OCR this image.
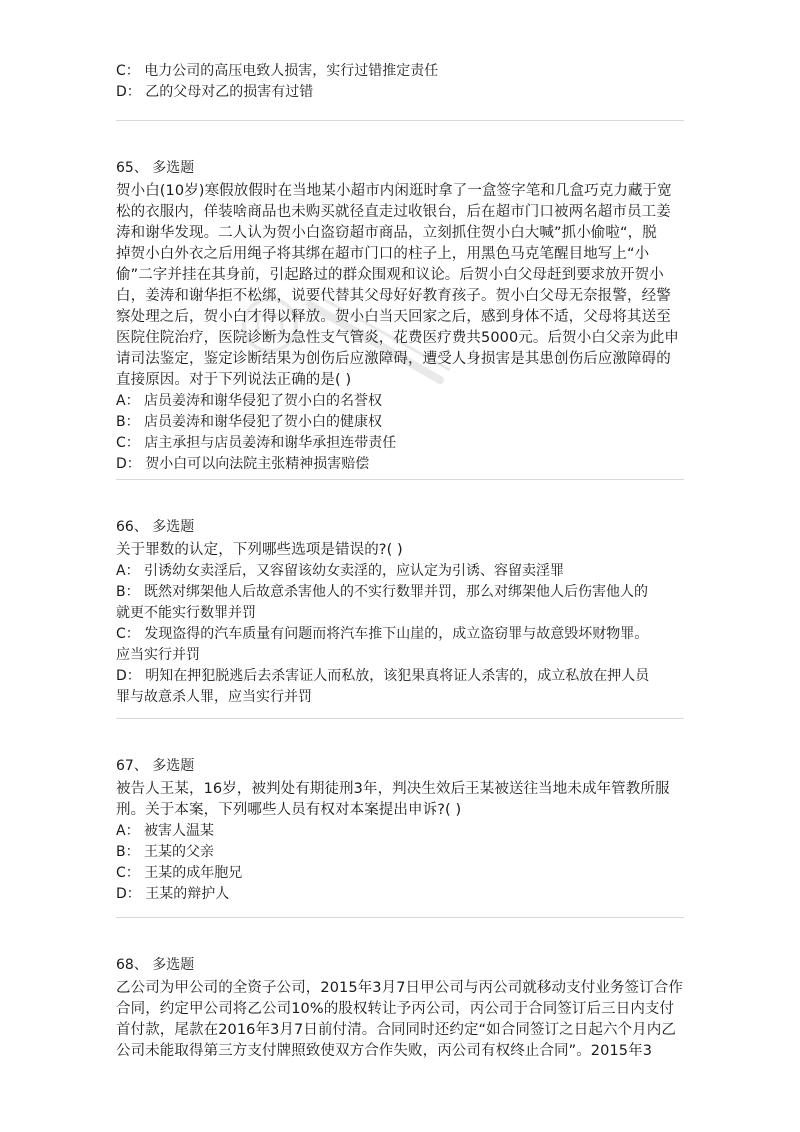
C： 电力公司的高压电致人损害，实行过错推定责任
D： 乙的父母对乙的损害有过错
65、 多选题
贺小白(10岁)寒假放假时在当地某小超市内闲逛时拿了一盒签字笔和几盒巧克力藏于宽
松的衣服内，佯装啥商品也未购买就径直走过收银台，后在超市门口被两名超市员工姜
涛和谢华发现。二人认为贺小白盗窃超市商品，立刻抓住贺小白大喊”抓小偷啦“，脱
掉贺小白外衣之后用绳子将其绑在超市门口的柱子上，用黑色马克笔醒目地写上“小
偷”二字并挂在其身前，引起路过的群众围观和议论。后贺小白父母赶到要求放开贺小
白，姜涛和谢华拒不松绑，说要代替其父母好好教育孩子。贺小白父母无奈报警，经警
察处理之后，贺小白才得以释放。贺小白当天回家之后，感到身体不适，父母将其送至
医院住院治疗，医院诊断为急性支气管炎，花费医疗费共5000元。后贺小白父亲为此申
请司法鉴定，鉴定诊断结果为创伤后应激障碍，遭受人身损害是其患创伤后应激障碍的
直接原因。对于下列说法正确的是( )
A： 店员姜涛和谢华侵犯了贺小白的名誉权
B： 店员姜涛和谢华侵犯了贺小白的健康权
C： 店主承担与店员姜涛和谢华承担连带责任
D： 贺小白可以向法院主张精神损害赔偿
66、 多选题
关于罪数的认定，下列哪些选项是错误的?( )
A： 引诱幼女卖淫后，又容留该幼女卖淫的，应认定为引诱、容留卖淫罪
B： 既然对绑架他人后故意杀害他人的不实行数罪并罚，那么对绑架他人后伤害他人的
就更不能实行数罪并罚
C： 发现盗得的汽车质量有问题而将汽车推下山崖的，成立盗窃罪与故意毁坏财物罪。
应当实行并罚
D： 明知在押犯脱逃后去杀害证人而私放，该犯果真将证人杀害的，成立私放在押人员
罪与故意杀人罪，应当实行并罚
67、 多选题
被告人王某，16岁，被判处有期徒刑3年，判决生效后王某被送往当地未成年管教所服
刑。关于本案，下列哪些人员有权对本案提出申诉?( )
A： 被害人温某
B： 王某的父亲
C： 王某的成年胞兄
D： 王某的辩护人
68、 多选题
乙公司为甲公司的全资子公司，2015年3月7日甲公司与丙公司就移动支付业务签订合作
合同，约定甲公司将乙公司10%的股权转让予丙公司，丙公司于合同签订后三日内支付
首付款，尾款在2016年3月7日前付清。合同同时还约定“如合同签订之日起六个月内乙
公司未能取得第三方支付牌照致使双方合作失败，丙公司有权终止合同”。2015年3
